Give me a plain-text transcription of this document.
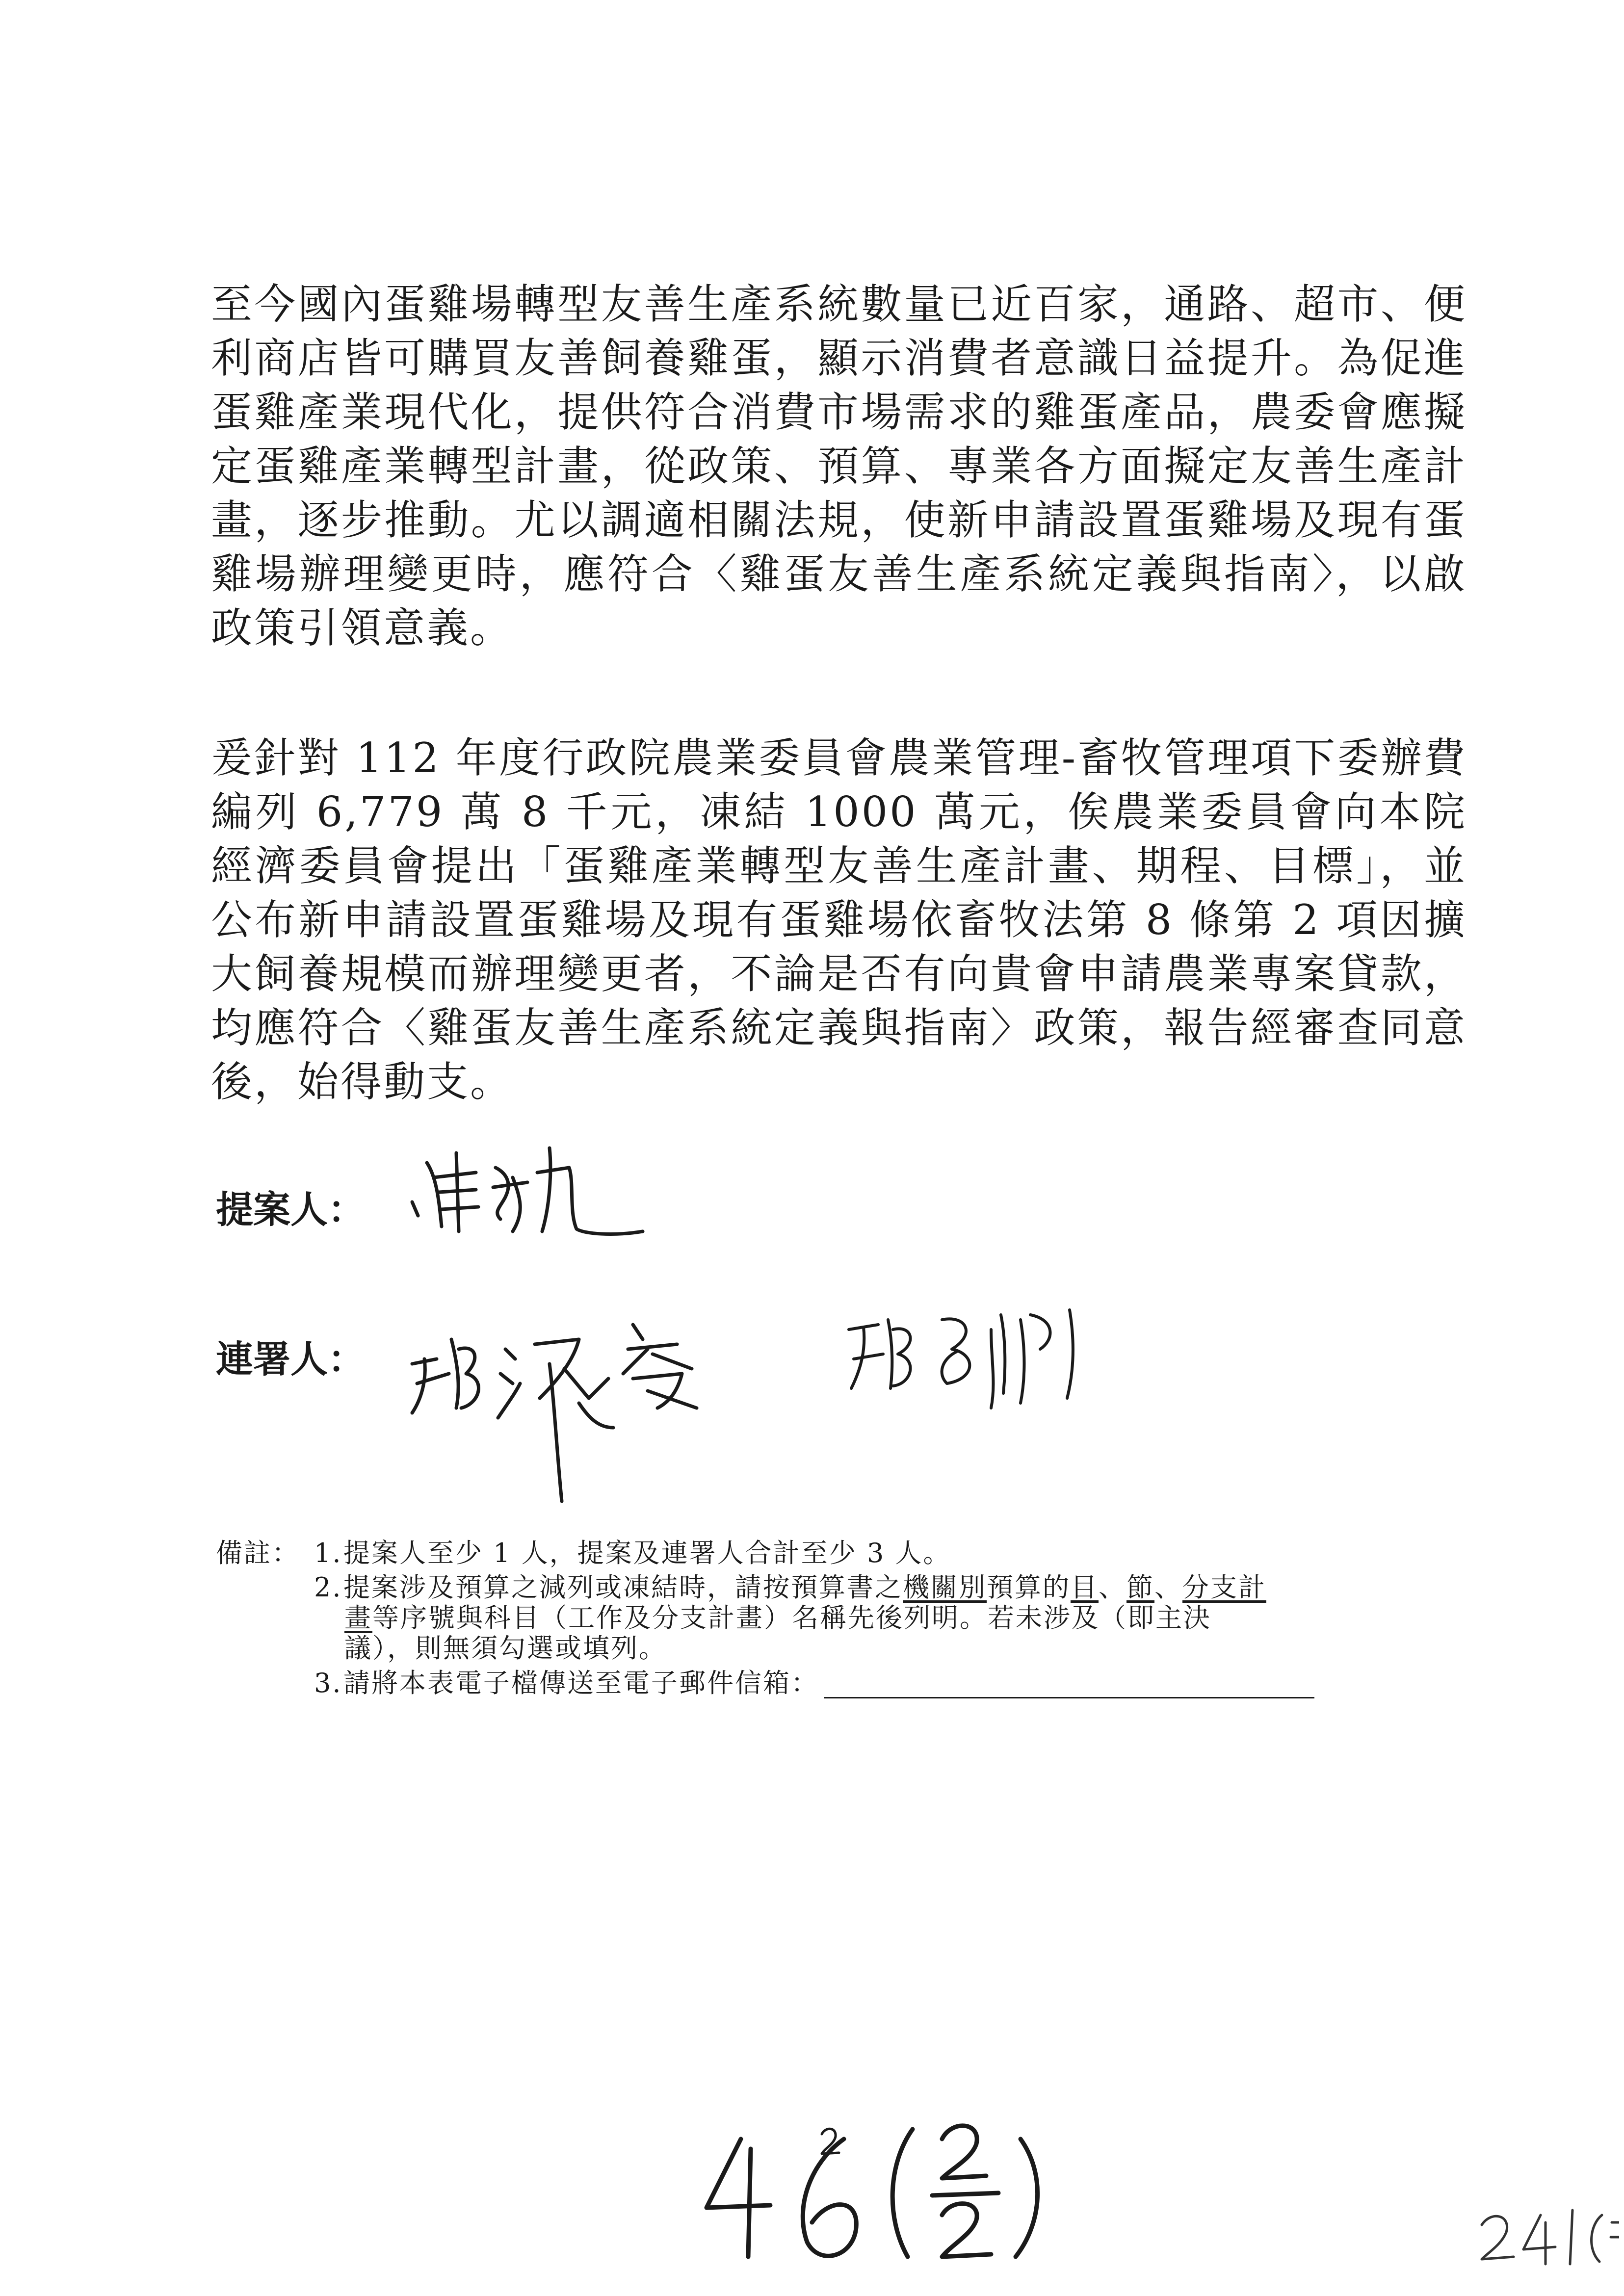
至今國內蛋雞場轉型友善生產系統數量已近百家，通路、超市、便利商店皆可購買友善飼養雞蛋，顯示消費者意識日益提升。為促進蛋雞產業現代化，提供符合消費市場需求的雞蛋產品，農委會應擬定蛋雞產業轉型計畫，從政策、預算、專業各方面擬定友善生產計畫，逐步推動。尤以調適相關法規，使新申請設置蛋雞場及現有蛋雞場辦理變更時，應符合〈雞蛋友善生產系統定義與指南〉，以啟政策引領意義。

爰針對 112 年度行政院農業委員會農業管理-畜牧管理項下委辦費編列 6,779 萬 8 千元，凍結 1000 萬元，俟農業委員會向本院經濟委員會提出「蛋雞產業轉型友善生產計畫、期程、目標」，並公布新申請設置蛋雞場及現有蛋雞場依畜牧法第 8 條第 2 項因擴大飼養規模而辦理變更者，不論是否有向貴會申請農業專案貸款，均應符合〈雞蛋友善生產系統定義與指南〉政策，報告經審查同意後，始得動支。

提案人：
連署人：
備註： 1.提案人至少 1 人，提案及連署人合計至少 3 人。
2.提案涉及預算之減列或凍結時，請按預算書之機關別預算的目、節、分支計
畫等序號與科目（工作及分支計畫）名稱先後列明。若未涉及（即主決
議），則無須勾選或填列。
3.請將本表電子檔傳送至電子郵件信箱：
